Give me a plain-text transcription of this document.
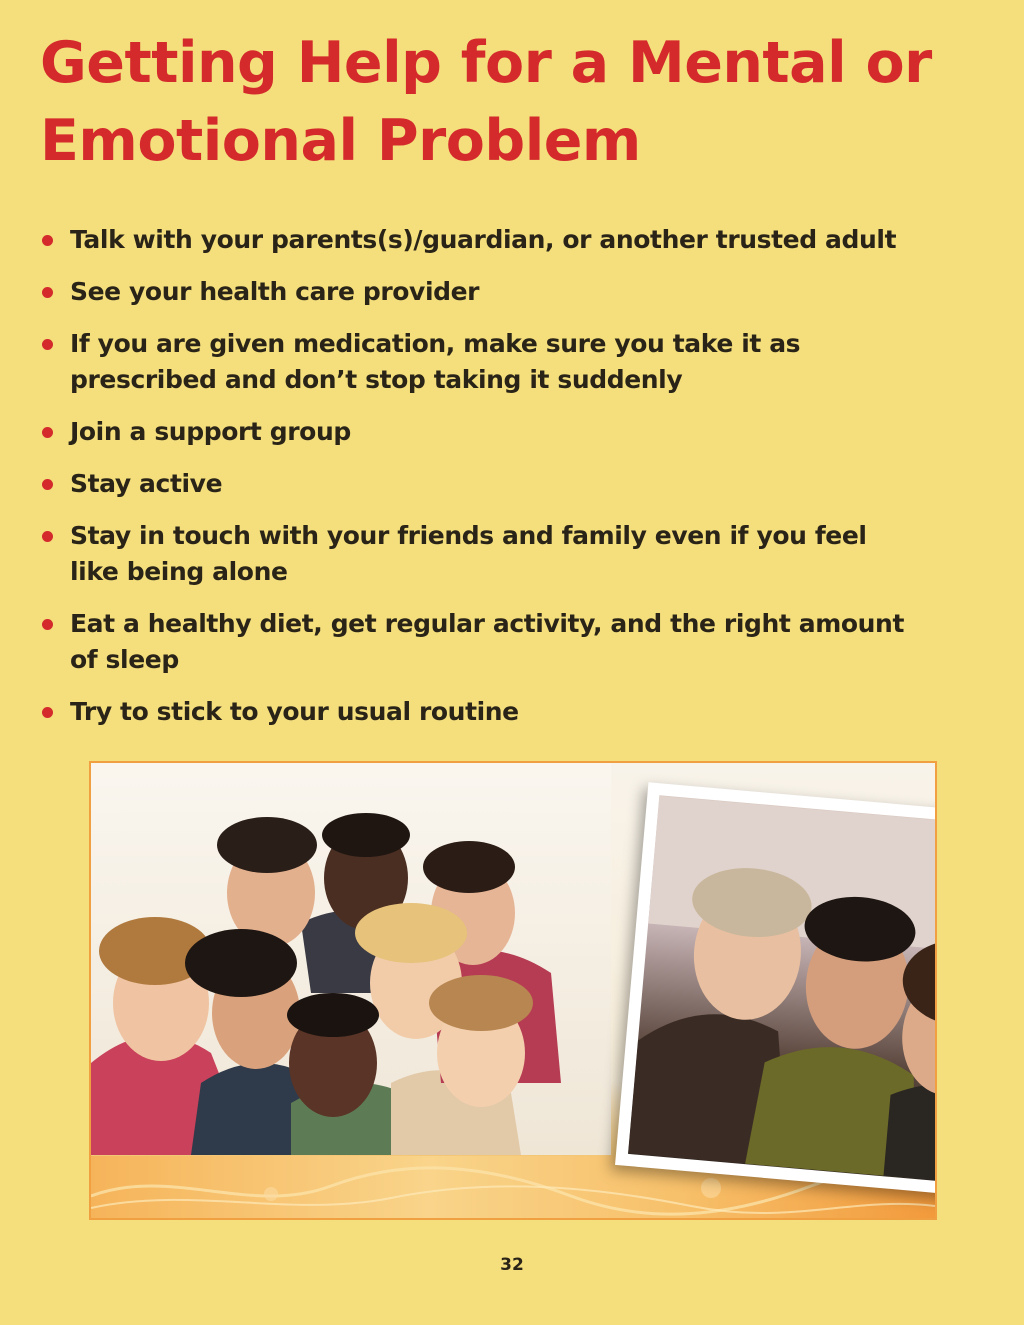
Getting Help for a Mental or Emotional Problem
Talk with your parents(s)/guardian, or another trusted adult
See your health care provider
If you are given medication, make sure you take it as prescribed and don’t stop taking it suddenly
Join a support group
Stay active
Stay in touch with your friends and family even if you feel like being alone
Eat a healthy diet, get regular activity, and the right amount of sleep
Try to stick to your usual routine
32
